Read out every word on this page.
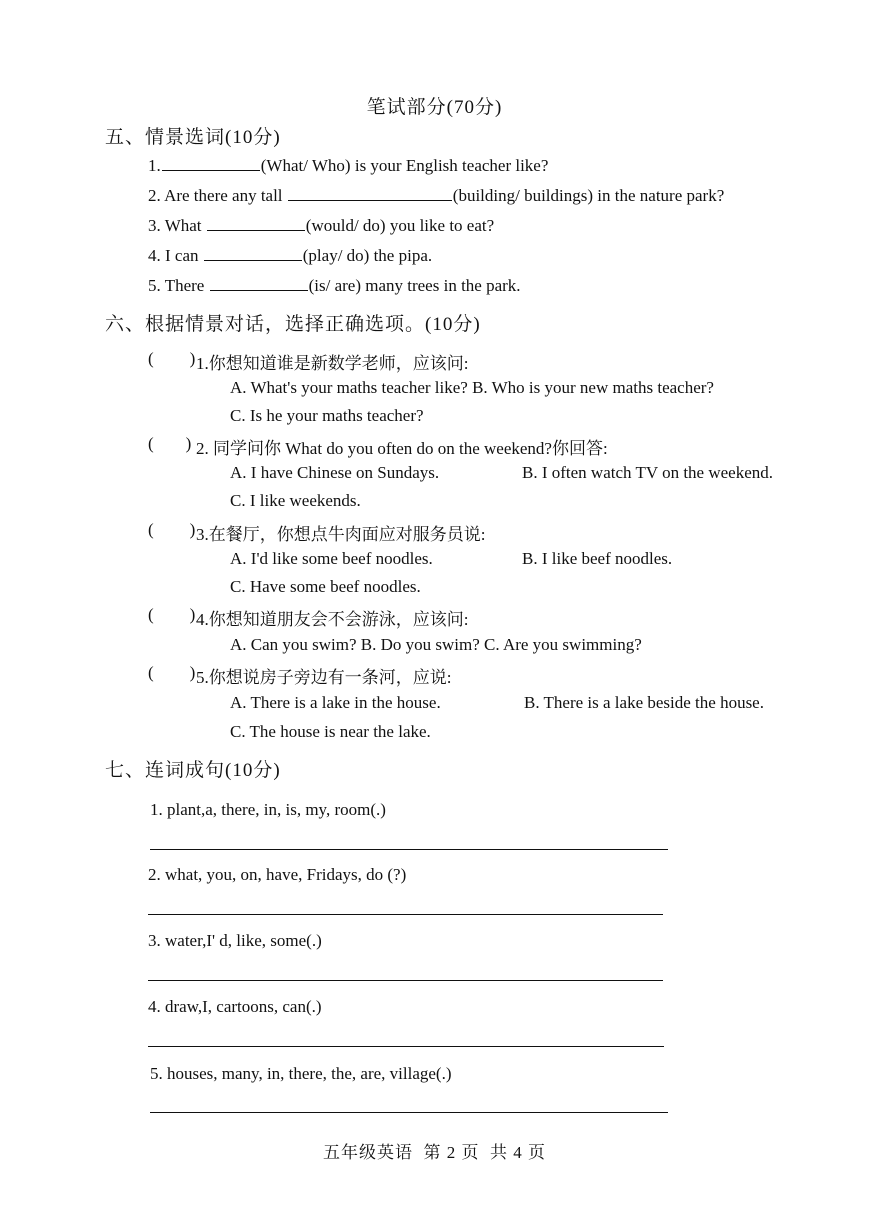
笔试部分(70分)
五、情景选词(10分)
1.	(What/ Who) is your English teacher like?
2. Are there any tall	(building/ buildings) in the nature park?
3. What	(would/ do) you like to eat?
4. I can	(play/ do) the pipa.
5. There	(is/ are) many trees in the park.
六、根据情景对话，选择正确选项。(10分)
( ) 1.你想知道谁是新数学老师，应该问:
A. What's your maths teacher like? B. Who is your new maths teacher?
C. Is he your maths teacher?
( ) 2. 同学问你 What do you often do on the weekend?你回答:
A. I have Chinese on Sundays.	B. I often watch TV on the weekend.
C. I like weekends.
( ) 3.在餐厅，你想点牛肉面应对服务员说:
A. I'd like some beef noodles.	B. I like beef noodles.
C. Have some beef noodles.
( ) 4.你想知道朋友会不会游泳，应该问:
A. Can you swim? B. Do you swim? C. Are you swimming?
( ) 5.你想说房子旁边有一条河，应说:
A. There is a lake in the house.	B. There is a lake beside the house.
C. The house is near the lake.
七、连词成句(10分)
1. plant,a, there, in, is, my, room(.)
2. what, you, on, have, Fridays, do (?)
3. water,I' d, like, some(.)
4. draw,I, cartoons, can(.)
5. houses, many, in, there, the, are, village(.)
五年级英语  第 2 页  共 4 页
